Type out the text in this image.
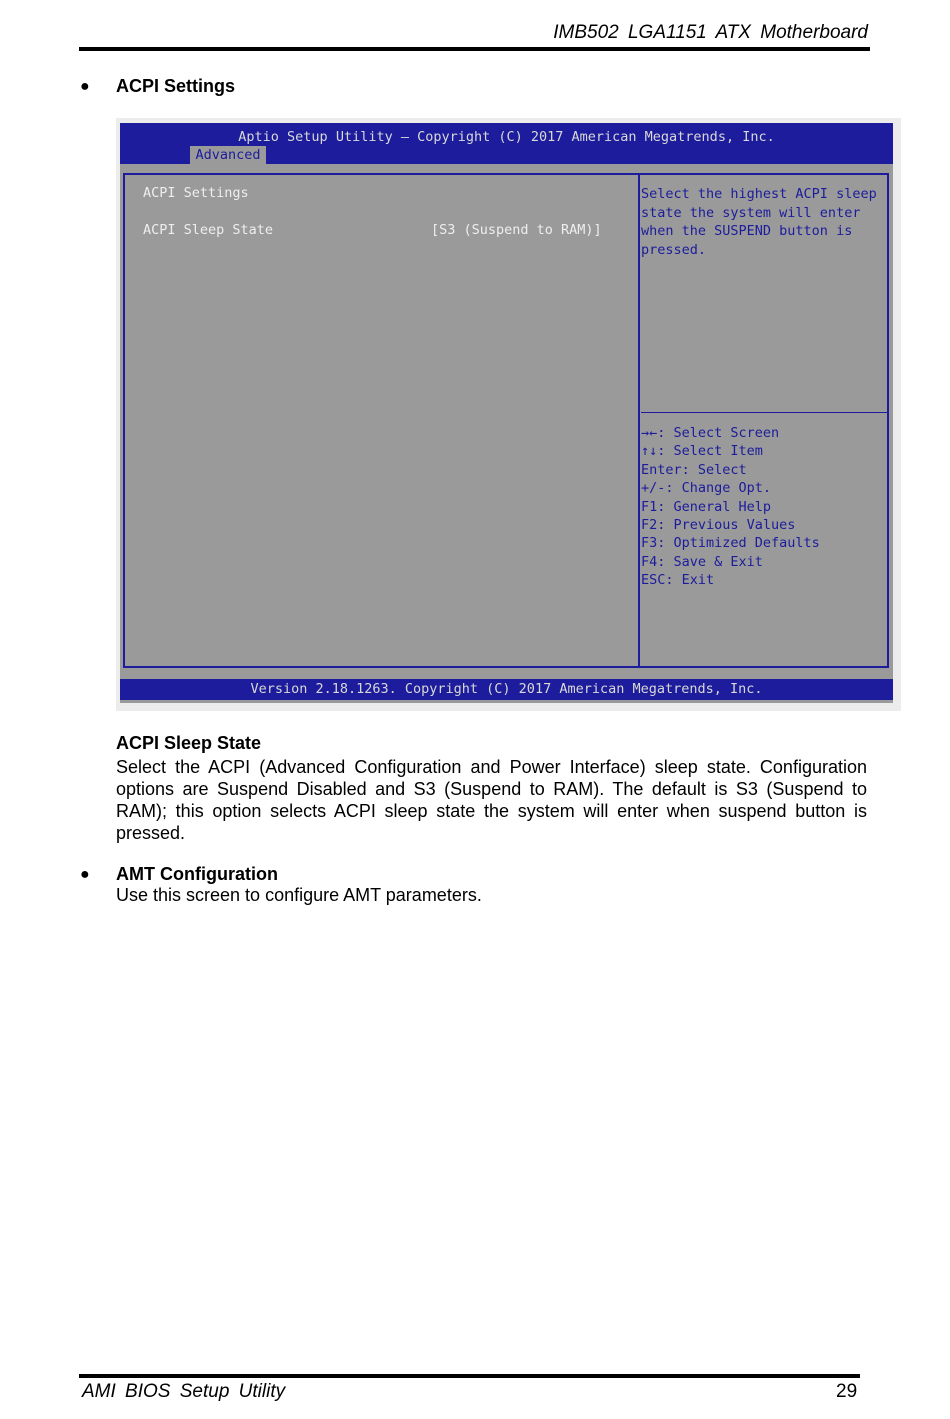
IMB502 LGA1151 ATX Motherboard
● ACPI Settings
Aptio Setup Utility – Copyright (C) 2017 American Megatrends, Inc.
Advanced
ACPI Settings
ACPI Sleep State	[S3 (Suspend to RAM)]
Select the highest ACPI sleep
state the system will enter
when the SUSPEND button is
pressed.
→←: Select Screen
↑↓: Select Item
Enter: Select
+/-: Change Opt.
F1: General Help
F2: Previous Values
F3: Optimized Defaults
F4: Save & Exit
ESC: Exit
Version 2.18.1263. Copyright (C) 2017 American Megatrends, Inc.
ACPI Sleep State
Select the ACPI (Advanced Configuration and Power Interface) sleep state. Configuration options are Suspend Disabled and S3 (Suspend to RAM). The default is S3 (Suspend to RAM); this option selects ACPI sleep state the system will enter when suspend button is pressed.
● AMT Configuration
Use this screen to configure AMT parameters.
AMI BIOS Setup Utility	29
